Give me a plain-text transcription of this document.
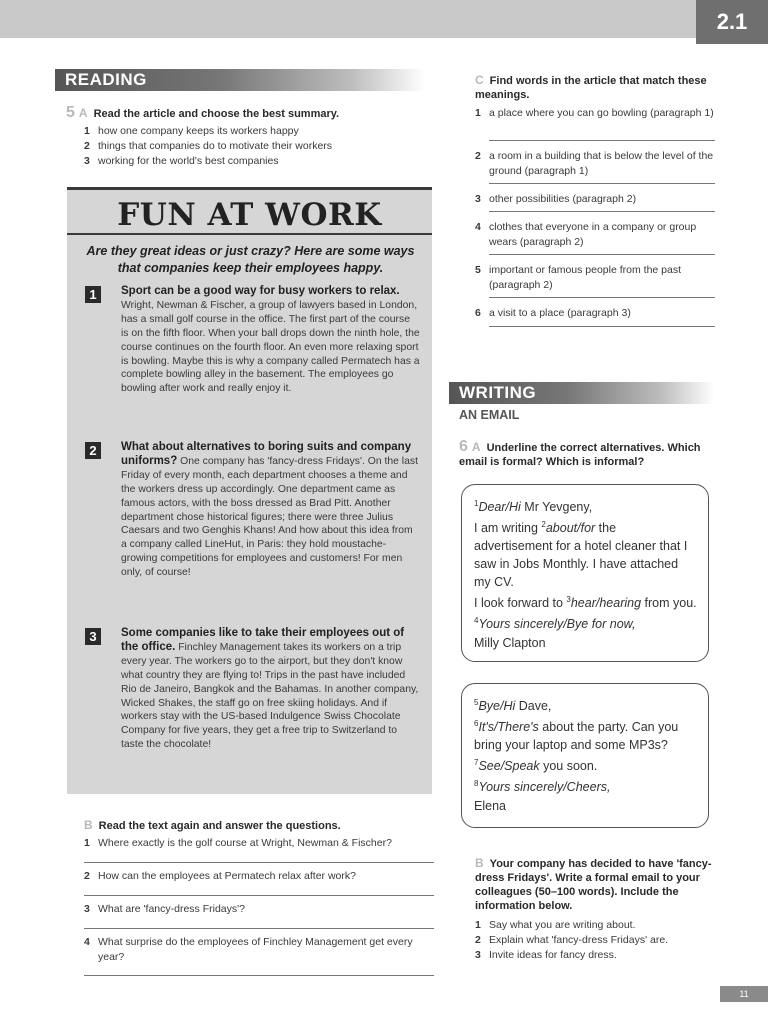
2.1
READING
5 A Read the article and choose the best summary.
1 how one company keeps its workers happy
2 things that companies do to motivate their workers
3 working for the world's best companies
FUN AT WORK
Are they great ideas or just crazy? Here are some ways that companies keep their employees happy.
1	Sport can be a good way for busy workers to relax. Wright, Newman & Fischer, a group of lawyers based in London, has a small golf course in the office. The first part of the course is on the fifth floor. When your ball drops down the ninth hole, the course continues on the fourth floor. An even more relaxing sport is bowling. Maybe this is why a company called Permatech has a complete bowling alley in the basement. The employees go bowling after work and really enjoy it.
2	What about alternatives to boring suits and company uniforms? One company has 'fancy-dress Fridays'. On the last Friday of every month, each department chooses a theme and the workers dress up accordingly. One department came as famous actors, with the boss dressed as Brad Pitt. Another department chose historical figures; there were three Julius Caesars and two Genghis Khans! And how about this idea from a company called LineHut, in Paris: they hold moustache-growing competitions for employees and customers! For men only, of course!
3	Some companies like to take their employees out of the office. Finchley Management takes its workers on a trip every year. The workers go to the airport, but they don't know what country they are flying to! Trips in the past have included Rio de Janeiro, Bangkok and the Bahamas. In another company, Wicked Shakes, the staff go on free skiing holidays. And if workers stay with the US-based Indulgence Swiss Chocolate Company for five years, they get a free trip to Switzerland to taste the chocolate!
B Read the text again and answer the questions.
1 Where exactly is the golf course at Wright, Newman & Fischer?
2 How can the employees at Permatech relax after work?
3 What are 'fancy-dress Fridays'?
4 What surprise do the employees of Finchley Management get every year?
C Find words in the article that match these meanings.
1 a place where you can go bowling (paragraph 1)
2 a room in a building that is below the level of the ground (paragraph 1)
3 other possibilities (paragraph 2)
4 clothes that everyone in a company or group wears (paragraph 2)
5 important or famous people from the past (paragraph 2)
6 a visit to a place (paragraph 3)
WRITING
AN EMAIL
6 A Underline the correct alternatives. Which email is formal? Which is informal?
$^1$Dear/Hi Mr Yevgeny,
I am writing $^2$about/for the advertisement for a hotel cleaner that I saw in Jobs Monthly. I have attached my CV.
I look forward to $^3$hear/hearing from you.
$^4$Yours sincerely/Bye for now,
Milly Clapton
$^5$Bye/Hi Dave,
$^6$It's/There's about the party. Can you bring your laptop and some MP3s?
$^7$See/Speak you soon.
$^8$Yours sincerely/Cheers,
Elena
B Your company has decided to have 'fancy-dress Fridays'. Write a formal email to your colleagues (50–100 words). Include the information below.
1 Say what you are writing about.
2 Explain what 'fancy-dress Fridays' are.
3 Invite ideas for fancy dress.
11
